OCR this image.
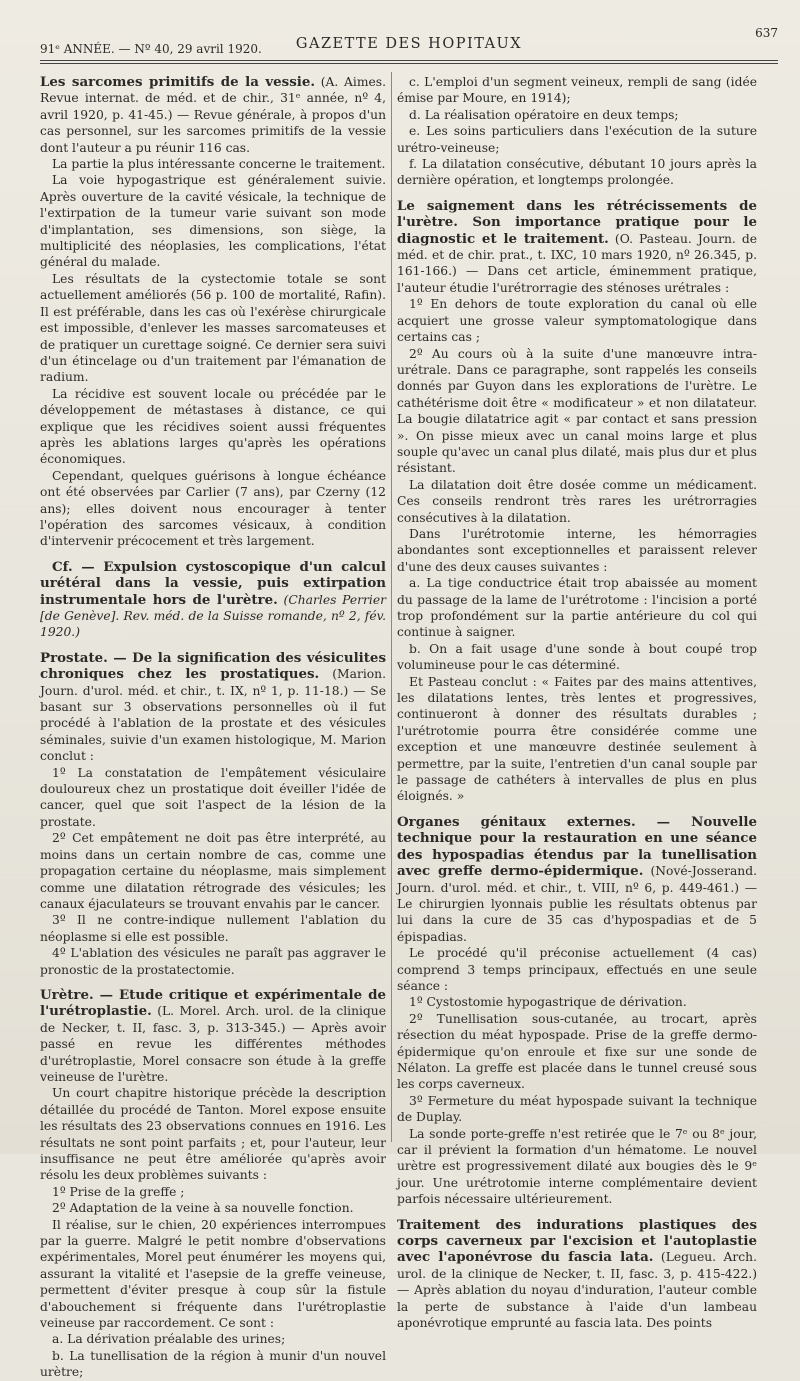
91ᵉ ANNÉE. — Nº 40, 29 avril 1920.	GAZETTE DES HOPITAUX
637

Les sarcomes primitifs de la vessie. (A. Aimes. Revue internat. de méd. et de chir., 31ᵉ année, nº 4, avril 1920, p. 41-45.) — Revue générale, à propos d'un cas personnel, sur les sarcomes primitifs de la vessie dont l'auteur a pu réunir 116 cas.

La partie la plus intéressante concerne le traitement.

La voie hypogastrique est généralement suivie. Après ouverture de la cavité vésicale, la technique de l'extirpation de la tumeur varie suivant son mode d'implantation, ses dimensions, son siège, la multiplicité des néoplasies, les complications, l'état général du malade.

Les résultats de la cystectomie totale se sont actuellement améliorés (56 p. 100 de mortalité, Rafin). Il est préférable, dans les cas où l'exérèse chirurgicale est impossible, d'enlever les masses sarcomateuses et de pratiquer un curettage soigné. Ce dernier sera suivi d'un étincelage ou d'un traitement par l'émanation de radium.

La récidive est souvent locale ou précédée par le développement de métastases à distance, ce qui explique que les récidives soient aussi fréquentes après les ablations larges qu'après les opérations économiques.

Cependant, quelques guérisons à longue échéance ont été observées par Carlier (7 ans), par Czerny (12 ans); elles doivent nous encourager à tenter l'opération des sarcomes vésicaux, à condition d'intervenir précocement et très largement.

Cf. — Expulsion cystoscopique d'un calcul urétéral dans la vessie, puis extirpation instrumentale hors de l'urètre. (Charles Perrier [de Genève]. Rev. méd. de la Suisse romande, nº 2, fév. 1920.)

Prostate. — De la signification des vésiculites chroniques chez les prostatiques. (Marion. Journ. d'urol. méd. et chir., t. IX, nº 1, p. 11-18.) — Se basant sur 3 observations personnelles où il fut procédé à l'ablation de la prostate et des vésicules séminales, suivie d'un examen histologique, M. Marion conclut :

1º La constatation de l'empâtement vésiculaire douloureux chez un prostatique doit éveiller l'idée de cancer, quel que soit l'aspect de la lésion de la prostate.

2º Cet empâtement ne doit pas être interprété, au moins dans un certain nombre de cas, comme une propagation certaine du néoplasme, mais simplement comme une dilatation rétrograde des vésicules; les canaux éjaculateurs se trouvant envahis par le cancer.

3º Il ne contre-indique nullement l'ablation du néoplasme si elle est possible.

4º L'ablation des vésicules ne paraît pas aggraver le pronostic de la prostatectomie.

Urètre. — Etude critique et expérimentale de l'urétroplastie. (L. Morel. Arch. urol. de la clinique de Necker, t. II, fasc. 3, p. 313-345.) — Après avoir passé en revue les différentes méthodes d'urétroplastie, Morel consacre son étude à la greffe veineuse de l'urètre.

Un court chapitre historique précède la description détaillée du procédé de Tanton. Morel expose ensuite les résultats des 23 observations connues en 1916. Les résultats ne sont point parfaits ; et, pour l'auteur, leur insuffisance ne peut être améliorée qu'après avoir résolu les deux problèmes suivants :

1º Prise de la greffe ;

2º Adaptation de la veine à sa nouvelle fonction.

Il réalise, sur le chien, 20 expériences interrompues par la guerre. Malgré le petit nombre d'observations expérimentales, Morel peut énumérer les moyens qui, assurant la vitalité et l'asepsie de la greffe veineuse, permettent d'éviter presque à coup sûr la fistule d'abouchement si fréquente dans l'urétroplastie veineuse par raccordement. Ce sont :

a. La dérivation préalable des urines;

b. La tunellisation de la région à munir d'un nouvel urètre;

c. L'emploi d'un segment veineux, rempli de sang (idée émise par Moure, en 1914);

d. La réalisation opératoire en deux temps;

e. Les soins particuliers dans l'exécution de la suture urétro-veineuse;

f. La dilatation consécutive, débutant 10 jours après la dernière opération, et longtemps prolongée.

Le saignement dans les rétrécissements de l'urètre. Son importance pratique pour le diagnostic et le traitement. (O. Pasteau. Journ. de méd. et de chir. prat., t. IXC, 10 mars 1920, nº 26.345, p. 161-166.) — Dans cet article, éminemment pratique, l'auteur étudie l'urétrorragie des sténoses urétrales :

1º En dehors de toute exploration du canal où elle acquiert une grosse valeur symptomatologique dans certains cas ;

2º Au cours où à la suite d'une manœuvre intra-urétrale. Dans ce paragraphe, sont rappelés les conseils donnés par Guyon dans les explorations de l'urètre. Le cathétérisme doit être « modificateur » et non dilatateur. La bougie dilatatrice agit « par contact et sans pression ». On pisse mieux avec un canal moins large et plus souple qu'avec un canal plus dilaté, mais plus dur et plus résistant.

La dilatation doit être dosée comme un médicament. Ces conseils rendront très rares les urétrorragies consécutives à la dilatation.

Dans l'urétrotomie interne, les hémorragies abondantes sont exceptionnelles et paraissent relever d'une des deux causes suivantes :

a. La tige conductrice était trop abaissée au moment du passage de la lame de l'urétrotome : l'incision a porté trop profondément sur la partie antérieure du col qui continue à saigner.

b. On a fait usage d'une sonde à bout coupé trop volumineuse pour le cas déterminé.

Et Pasteau conclut : « Faites par des mains attentives, les dilatations lentes, très lentes et progressives, continueront à donner des résultats durables ; l'urétrotomie pourra être considérée comme une exception et une manœuvre destinée seulement à permettre, par la suite, l'entretien d'un canal souple par le passage de cathéters à intervalles de plus en plus éloignés. »

Organes génitaux externes. — Nouvelle technique pour la restauration en une séance des hypospadias étendus par la tunellisation avec greffe dermo-épidermique. (Nové-Josserand. Journ. d'urol. méd. et chir., t. VIII, nº 6, p. 449-461.) — Le chirurgien lyonnais publie les résultats obtenus par lui dans la cure de 35 cas d'hypospadias et de 5 épispadias.

Le procédé qu'il préconise actuellement (4 cas) comprend 3 temps principaux, effectués en une seule séance :

1º Cystostomie hypogastrique de dérivation.

2º Tunellisation sous-cutanée, au trocart, après résection du méat hypospade. Prise de la greffe dermo-épidermique qu'on enroule et fixe sur une sonde de Nélaton. La greffe est placée dans le tunnel creusé sous les corps caverneux.

3º Fermeture du méat hypospade suivant la technique de Duplay.

La sonde porte-greffe n'est retirée que le 7ᵉ ou 8ᵉ jour, car il prévient la formation d'un hématome. Le nouvel urètre est progressivement dilaté aux bougies dès le 9ᵉ jour. Une urétrotomie interne complémentaire devient parfois nécessaire ultérieurement.

Traitement des indurations plastiques des corps caverneux par l'excision et l'autoplastie avec l'aponévrose du fascia lata. (Legueu. Arch. urol. de la clinique de Necker, t. II, fasc. 3, p. 415-422.) — Après ablation du noyau d'induration, l'auteur comble la perte de substance à l'aide d'un lambeau aponévrotique emprunté au fascia lata. Des points
